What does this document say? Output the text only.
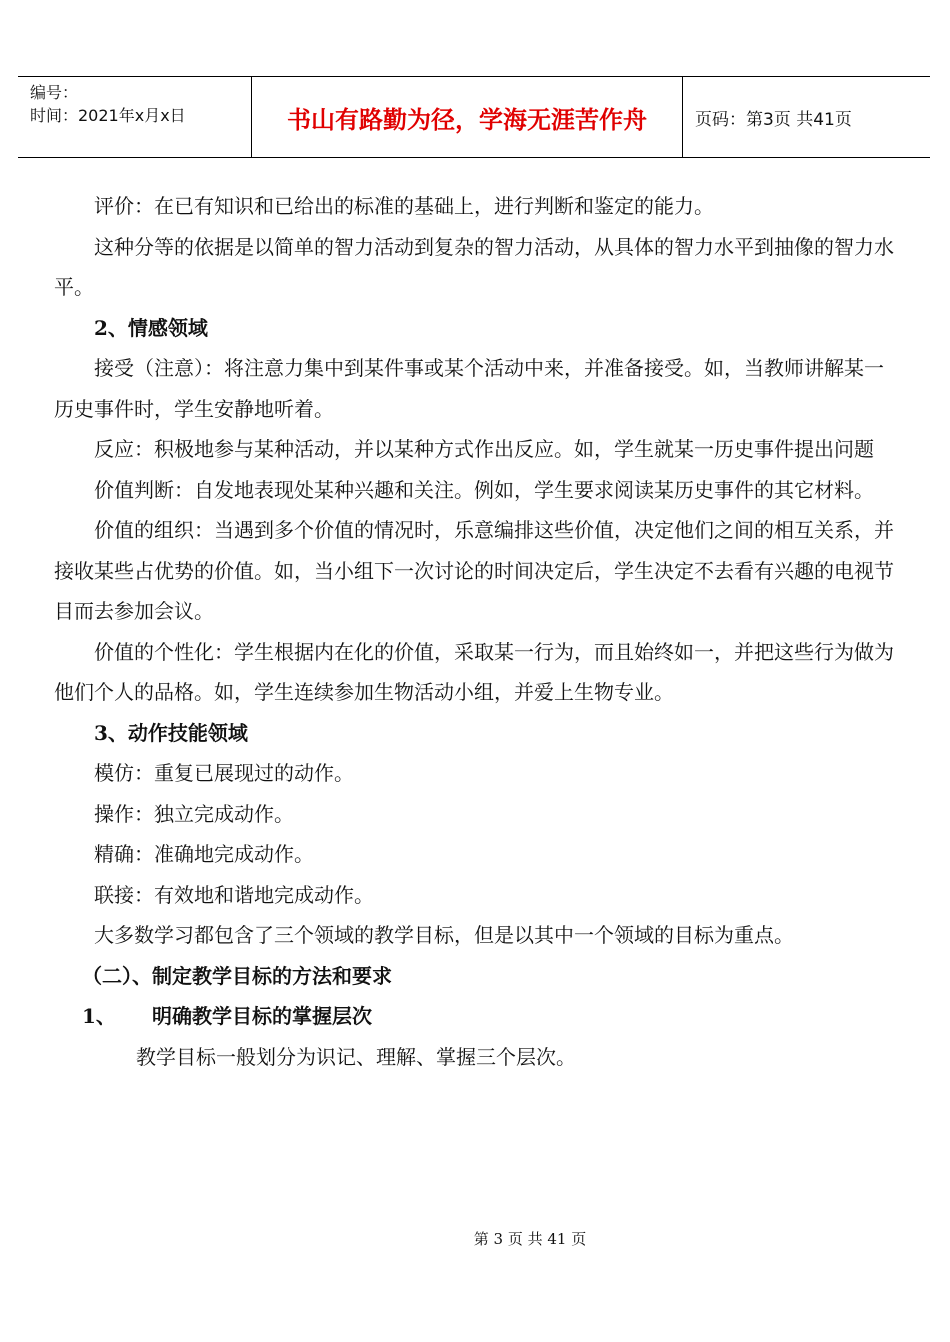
编号：
时间：2021年x月x日	书山有路勤为径，学海无涯苦作舟	页码：第3页 共41页

评价：在已有知识和已给出的标准的基础上，进行判断和鉴定的能力。

这种分等的依据是以简单的智力活动到复杂的智力活动，从具体的智力水平到抽像的智力水平。

2、情感领域

接受（注意）：将注意力集中到某件事或某个活动中来，并准备接受。如，当教师讲解某一历史事件时，学生安静地听着。

反应：积极地参与某种活动，并以某种方式作出反应。如，学生就某一历史事件提出问题

价值判断：自发地表现处某种兴趣和关注。例如，学生要求阅读某历史事件的其它材料。

价值的组织：当遇到多个价值的情况时，乐意编排这些价值，决定他们之间的相互关系，并接收某些占优势的价值。如，当小组下一次讨论的时间决定后，学生决定不去看有兴趣的电视节目而去参加会议。

价值的个性化：学生根据内在化的价值，采取某一行为，而且始终如一，并把这些行为做为他们个人的品格。如，学生连续参加生物活动小组，并爱上生物专业。

3、动作技能领域

模仿：重复已展现过的动作。

操作：独立完成动作。

精确：准确地完成动作。

联接：有效地和谐地完成动作。

大多数学习都包含了三个领域的教学目标，但是以其中一个领域的目标为重点。

（二）、制定教学目标的方法和要求

1、 明确教学目标的掌握层次

教学目标一般划分为识记、理解、掌握三个层次。

第 3 页 共 41 页
